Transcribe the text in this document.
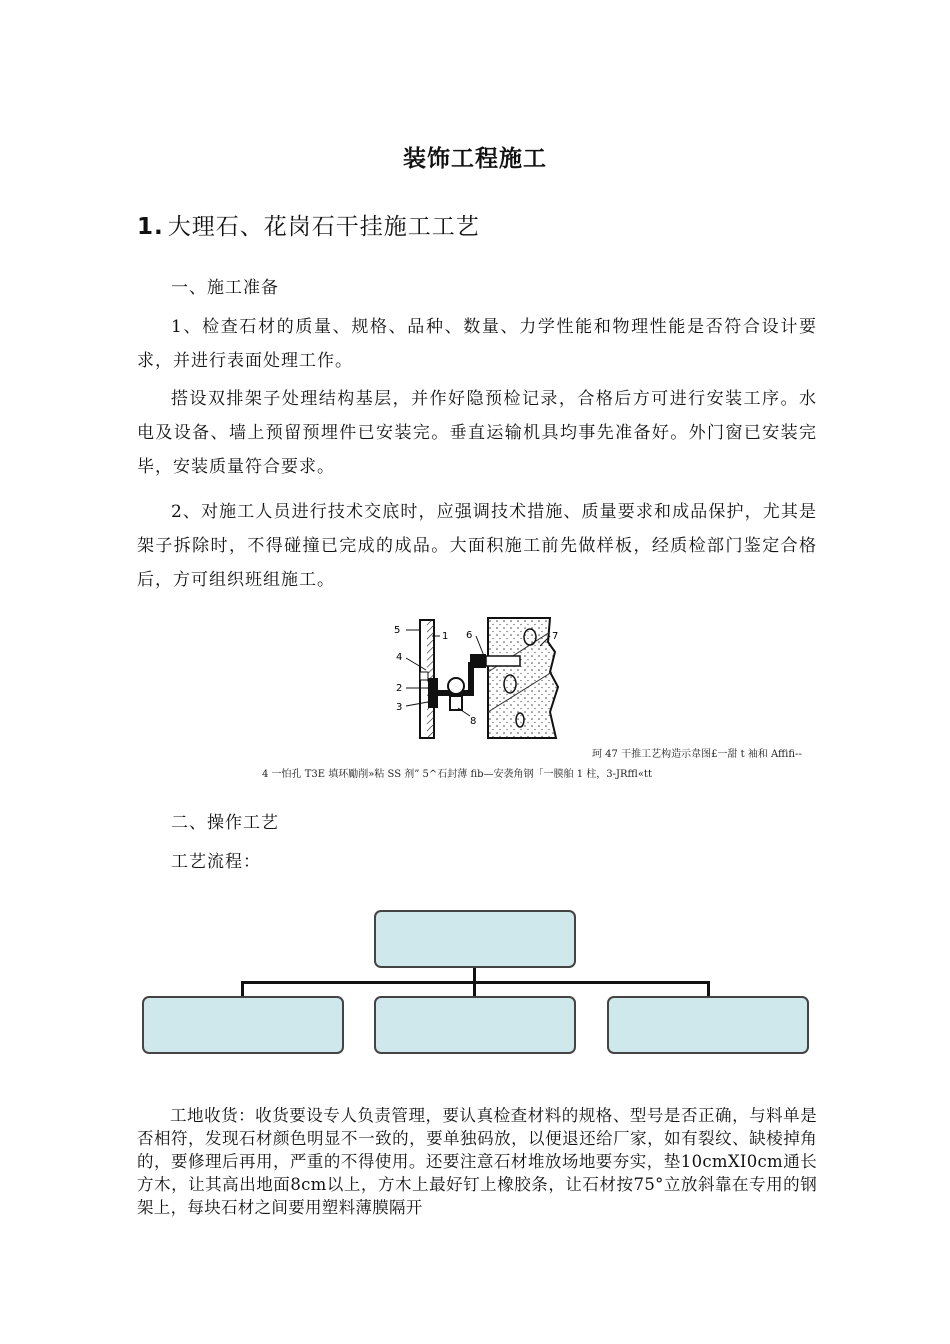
装饰工程施工
1. 大理石、花岗石干挂施工工艺

一、施工准备

1、检查石材的质量、规格、品种、数量、力学性能和物理性能是否符合设计要求，并进行表面处理工作。

搭设双排架子处理结构基层，并作好隐预检记录，合格后方可进行安装工序。水电及设备、墙上预留预埋件已安装完。垂直运输机具均事先准备好。外门窗已安装完毕，安装质量符合要求。

2、对施工人员进行技术交底时，应强调技术措施、质量要求和成品保护，尤其是架子拆除时，不得碰撞已完成的成品。大面积施工前先做样板，经质检部门鉴定合格后，方可组织班组施工。

5
1
4
2
3
6	7
8
珂 47 干推工艺构造示韋图£一甜 t 袖和 Affifi--
4 一怕孔 T3E 填环勵削»粘 SS 剂” 5^石封薄 fib—安袭角钢「一膜舶 1 柱，3-JRffl«tt

二、操作工艺

工艺流程：

工地收货：收货要设专人负责管理，要认真检查材料的规格、型号是否正确，与料单是否相符，发现石材颜色明显不一致的，要单独码放，以便退还给厂家，如有裂纹、缺棱掉角的，要修理后再用，严重的不得使用。还要注意石材堆放场地要夯实，垫10cmXI0cm通长方木，让其高出地面8cm以上，方木上最好钉上橡胶条，让石材按75°立放斜靠在专用的钢架上，每块石材之间要用塑料薄膜隔开
